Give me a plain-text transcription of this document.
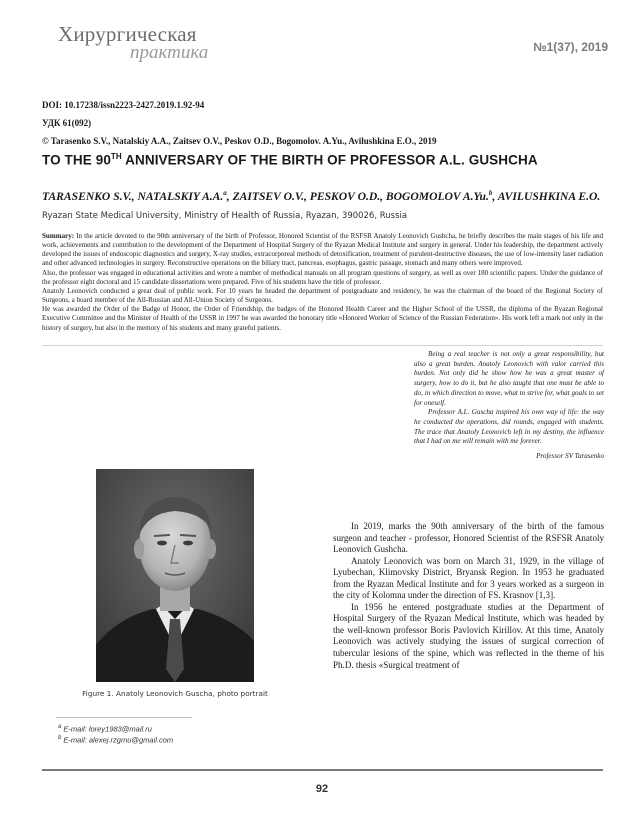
Хирургическая
практика	№1(37), 2019
DOI: 10.17238/issn2223-2427.2019.1.92-94
УДК 61(092)
© Tarasenko S.V., Natalskiy A.A., Zaitsev O.V., Peskov O.D., Bogomolov. A.Yu., Avilushkina E.O., 2019
TO THE 90TH ANNIVERSARY OF THE BIRTH OF PROFESSOR A.L. GUSHCHA
TARASENKO S.V., NATALSKIY A.A.$^a$, ZAITSEV O.V., PESKOV O.D., BOGOMOLOV A.Yu.$^b$, AVILUSHKINA E.O.
Ryazan State Medical University, Ministry of Health of Russia, Ryazan, 390026, Russia

Summary: In the article devoted to the 90th anniversary of the birth of Professor, Honored Scientist of the RSFSR Anatoly Leonovich Gushcha, he briefly describes the main stages of his life and work, achievements and contribution to the development of the Department of Hospital Surgery of the Ryazan Medical Institute and surgery in general. Under his leadership, the department actively developed the issues of endoscopic diagnostics and surgery, X-ray studies, extracorporeal methods of detoxification, treatment of purulent-destructive diseases, the use of low-intensity laser radiation and other advanced technologies in surgery. Reconstructive operations on the biliary tract, pancreas, esophagus, gastric passage, stomach and many others were improved.

Also, the professor was engaged in educational activities and wrote a number of methodical manuals on all program questions of surgery, as well as over 180 scientific papers. Under the guidance of the professor eight doctoral and 15 candidate dissertations were prepared. Five of his students have the title of professor.

Anatoly Leonovich conducted a great deal of public work. For 10 years he headed the department of postgraduate and residency, he was the chairman of the board of the Regional Society of Surgeons, a board member of the All-Russian and All-Union Society of Surgeons.

He was awarded the Order of the Badge of Honor, the Order of Friendship, the badges of the Honored Health Career and the Higher School of the USSR, the diploma of the Ryazan Regional Executive Committee and the Minister of Health of the USSR in 1997 he was awarded the honorary title «Honored Worker of Science of the Russian Federation». His work left a mark not only in the history of surgery, but also in the memory of his students and many grateful patients.

Being a real teacher is not only a great responsibility, but also a great burden. Anatoly Leonovich with valor carried this burden. Not only did he show how he was a great master of surgery, how to do it, but he also taught that one must be able to do, in which direction to move, what to strive for, what goals to set for oneself.

Professor A.L. Guscha inspired his own way of life: the way he conducted the operations, did rounds, engaged with students. The trace that Anatoly Leonovich left in my destiny, the influence that I had on me will remain with me forever.

Professor SV Tarasenko

Figure 1. Anatoly Leonovich Guscha, photo portrait

In 2019, marks the 90th anniversary of the birth of the famous surgeon and teacher - professor, Honored Scientist of the RSFSR Anatoly Leonovich Gushcha.

Anatoly Leonovich was born on March 31, 1929, in the village of Lyubechan, Klimovsky District, Bryansk Region. In 1953 he graduated from the Ryazan Medical Institute and for 3 years worked as a surgeon in the city of Kolomna under the direction of FS. Krasnov [1,3].

In 1956 he entered postgraduate studies at the Department of Hospital Surgery of the Ryazan Medical Institute, which was headed by the well-known professor Boris Pavlovich Kirillov. At this time, Anatoly Leonovich was actively studying the issues of surgical correction of tubercular lesions of the spine, which was reflected in the theme of his Ph.D. thesis «Surgical treatment of

$^a$ E-mail: lorey1983@mail.ru
$^b$ E-mail: alexej.rzgmu@gmail.com
92
